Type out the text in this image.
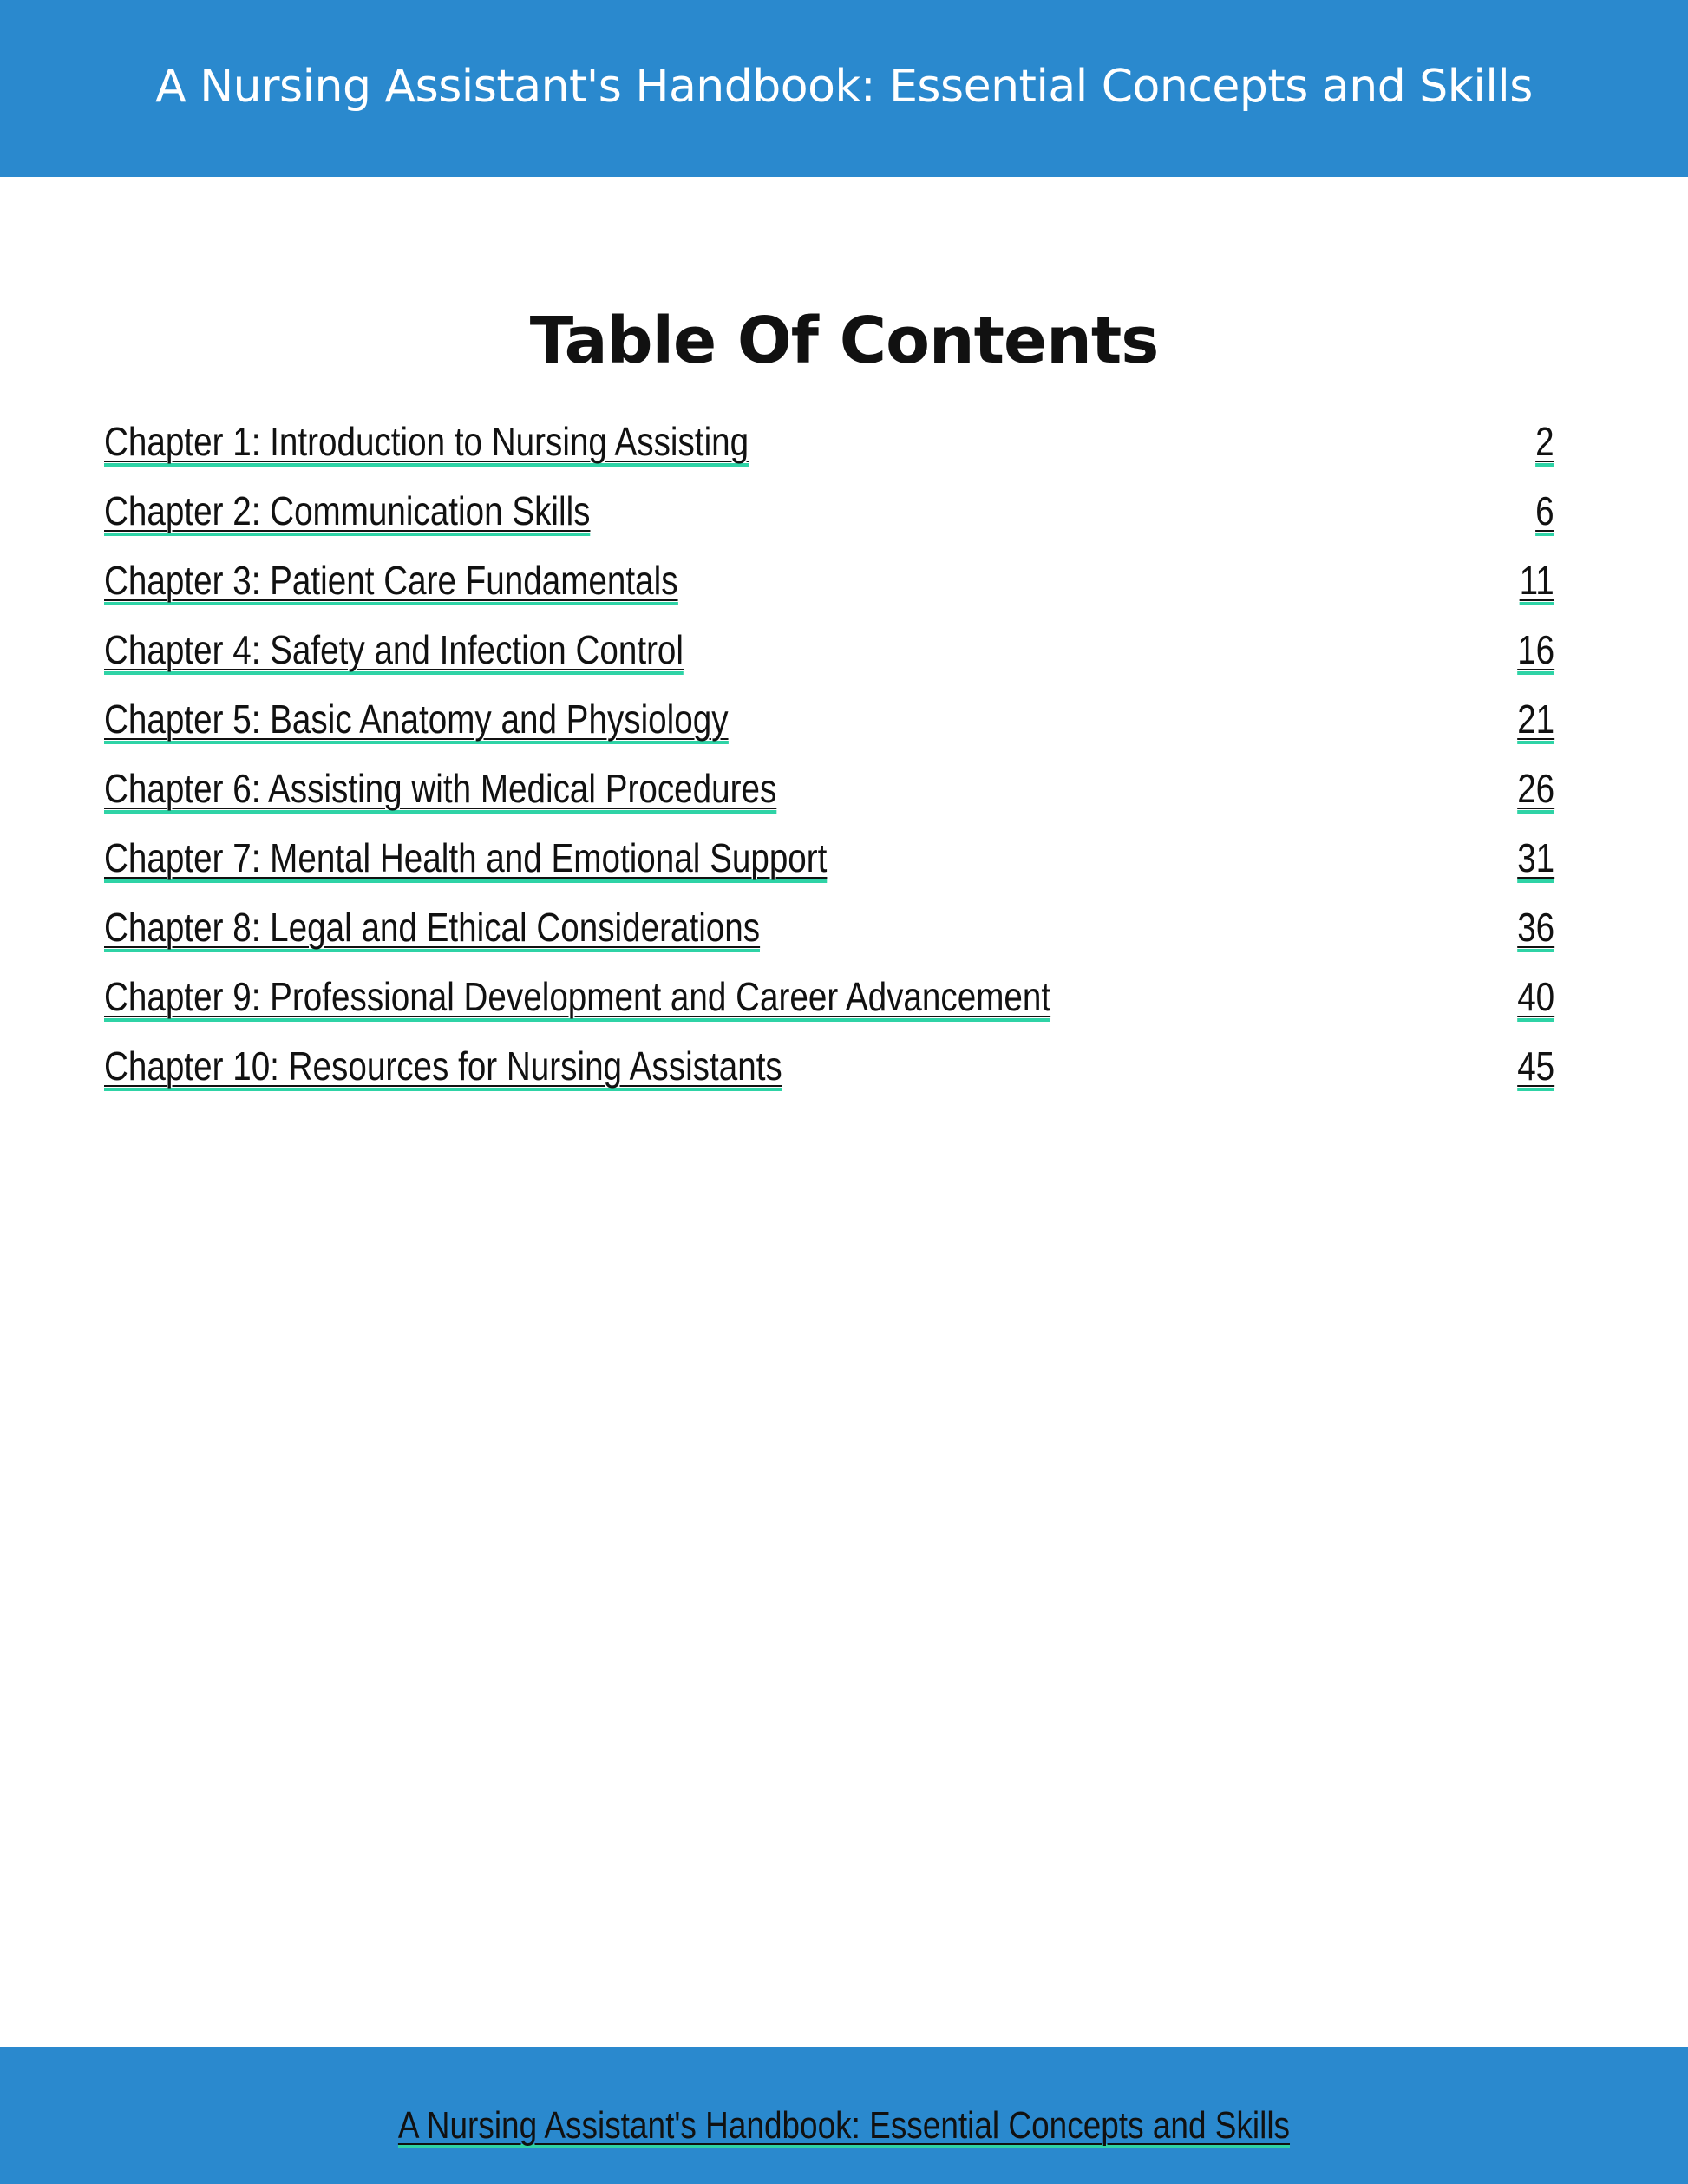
A Nursing Assistant's Handbook: Essential Concepts and Skills
Table Of Contents
Chapter 1: Introduction to Nursing Assisting	2
Chapter 2: Communication Skills	6
Chapter 3: Patient Care Fundamentals	11
Chapter 4: Safety and Infection Control	16
Chapter 5: Basic Anatomy and Physiology	21
Chapter 6: Assisting with Medical Procedures	26
Chapter 7: Mental Health and Emotional Support	31
Chapter 8: Legal and Ethical Considerations	36
Chapter 9: Professional Development and Career Advancement	40
Chapter 10: Resources for Nursing Assistants	45
A Nursing Assistant's Handbook: Essential Concepts and Skills
